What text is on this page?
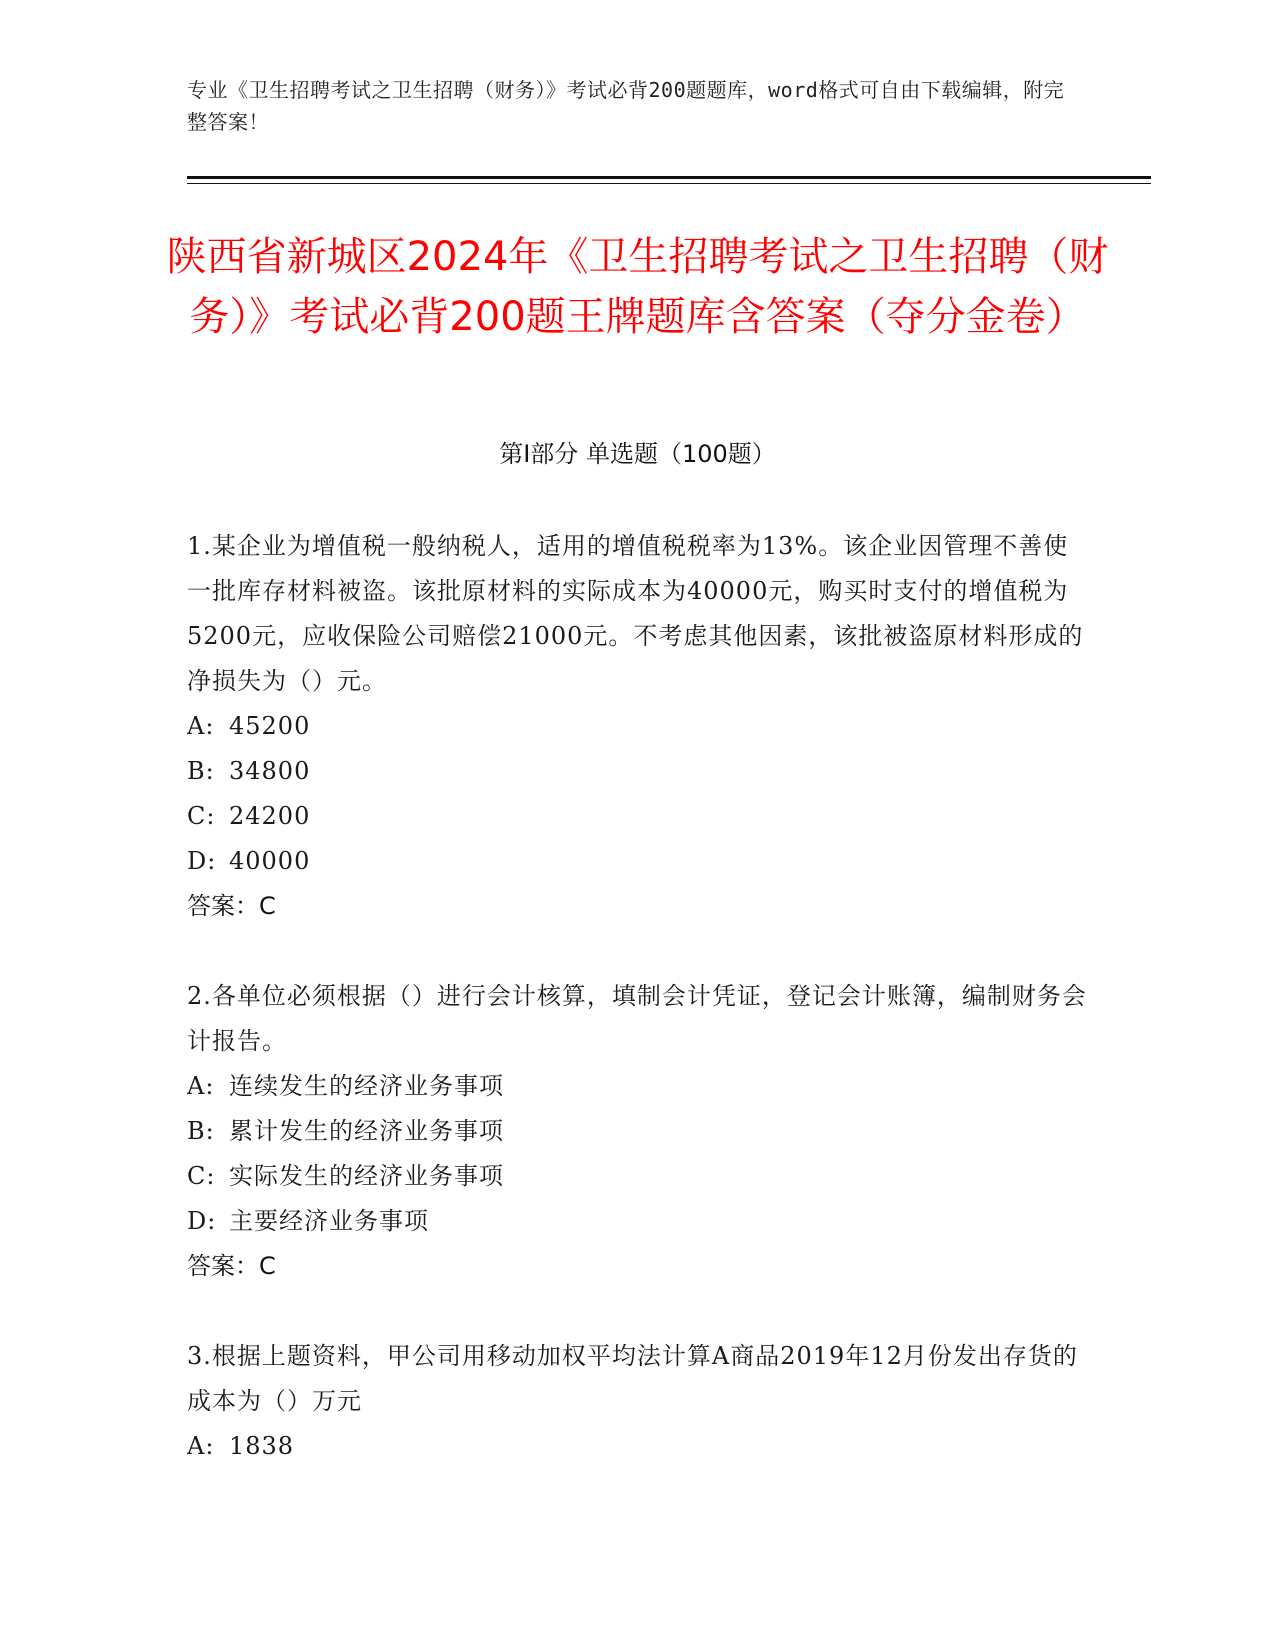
专业《卫生招聘考试之卫生招聘（财务）》考试必背200题题库，word格式可自由下载编辑，附完整答案！
陕西省新城区2024年《卫生招聘考试之卫生招聘（财务）》考试必背200题王牌题库含答案（夺分金卷）
第Ⅰ部分 单选题（100题）
1.某企业为增值税一般纳税人，适用的增值税税率为13%。该企业因管理不善使一批库存材料被盗。该批原材料的实际成本为40000元，购买时支付的增值税为5200元，应收保险公司赔偿21000元。不考虑其他因素，该批被盗原材料形成的净损失为（）元。
A: 45200
B: 34800
C: 24200
D: 40000
答案：C
2.各单位必须根据（）进行会计核算，填制会计凭证，登记会计账簿，编制财务会计报告。
A: 连续发生的经济业务事项
B: 累计发生的经济业务事项
C: 实际发生的经济业务事项
D: 主要经济业务事项
答案：C
3.根据上题资料，甲公司用移动加权平均法计算A商品2019年12月份发出存货的成本为（）万元
A: 1838
